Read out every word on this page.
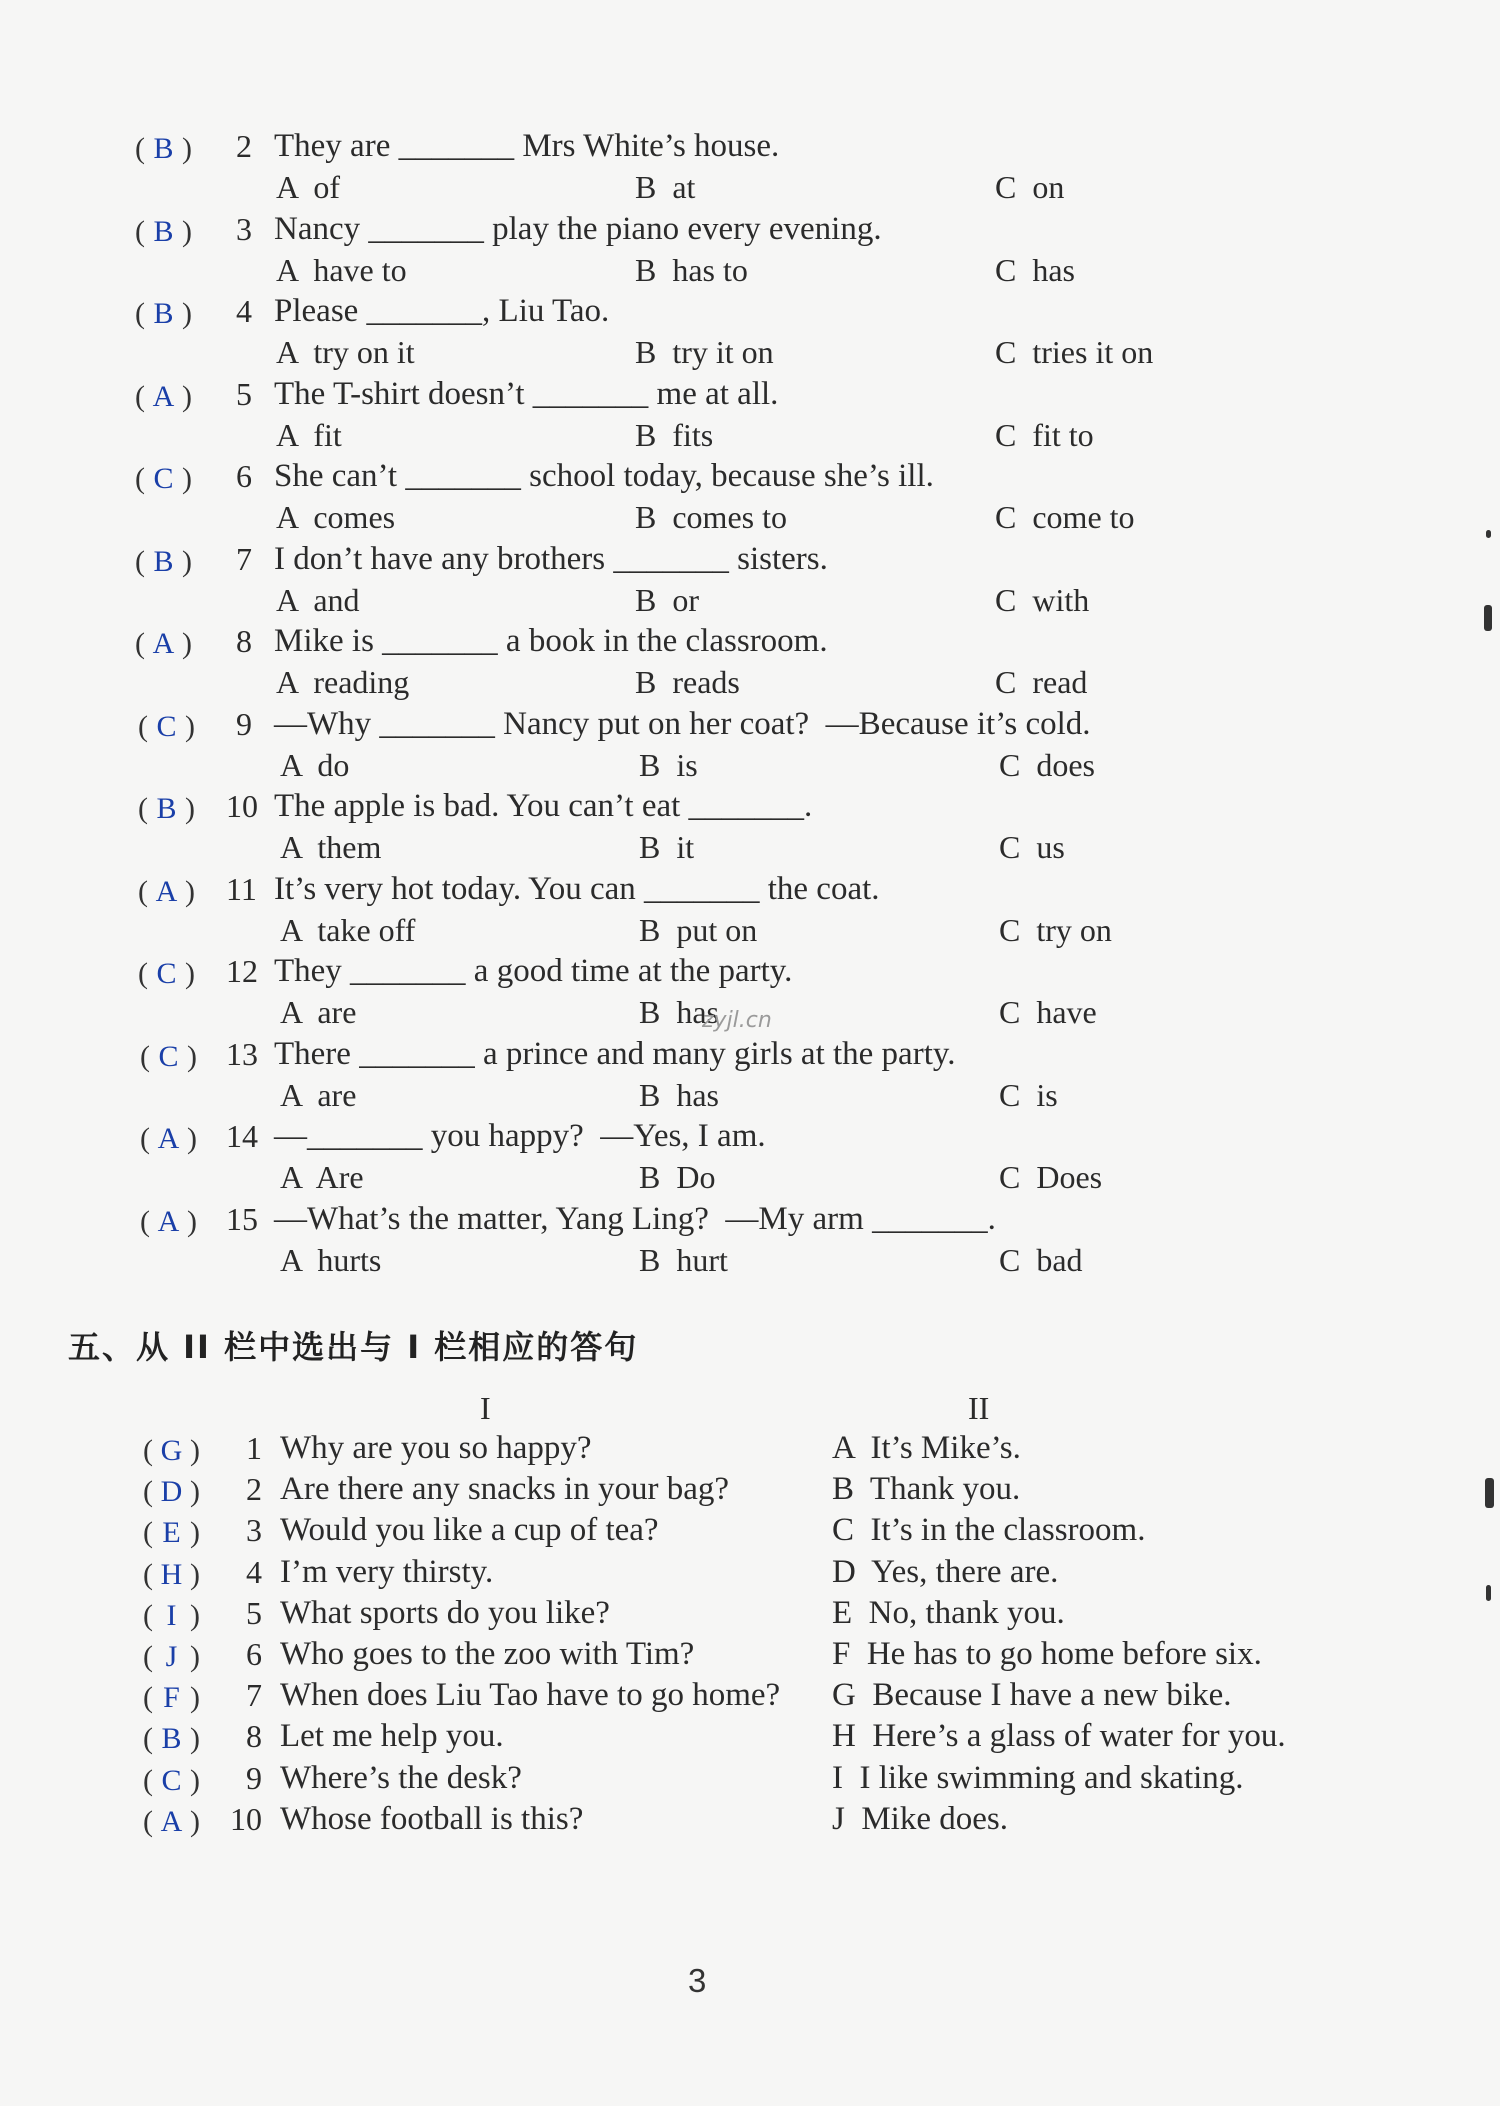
( B ) 2 They are _______ Mrs White’s house.
A  of	B  at	C  on
( B ) 3 Nancy _______ play the piano every evening.
A  have to	B  has to	C  has
( B ) 4 Please _______, Liu Tao.
A  try on it	B  try it on	C  tries it on
( A ) 5 The T-shirt doesn’t _______ me at all.
A  fit	B  fits	C  fit to
( C ) 6 She can’t _______ school today, because she’s ill.
A  comes	B  comes to	C  come to
( B ) 7 I don’t have any brothers _______ sisters.
A  and	B  or	C  with
( A ) 8 Mike is _______ a book in the classroom.
A  reading	B  reads	C  read
( C ) 9 —Why _______ Nancy put on her coat?  —Because it’s cold.
A  do	B  is	C  does
( B ) 10 The apple is bad. You can’t eat _______.
A  them	B  it	C  us
( A ) 11 It’s very hot today. You can _______ the coat.
A  take off	B  put on	C  try on
( C ) 12 They _______ a good time at the party.
A  are	B  has	C  have
( C ) 13 There _______ a prince and many girls at the party.
A  are	B  has	C  is
( A ) 14 —_______ you happy?  —Yes, I am.
A  Are	B  Do	C  Does
( A ) 15 —What’s the matter, Yang Ling?  —My arm _______.
A  hurts	B  hurt	C  bad
五、从 II 栏中选出与 I 栏相应的答句
I	II
( G ) 1 Why are you so happy?	A  It’s Mike’s.
( D ) 2 Are there any snacks in your bag?	B  Thank you.
( E ) 3 Would you like a cup of tea?	C  It’s in the classroom.
( H ) 4 I’m very thirsty.	D  Yes, there are.
( I ) 5 What sports do you like?	E  No, thank you.
( J ) 6 Who goes to the zoo with Tim?	F  He has to go home before six.
( F ) 7 When does Liu Tao have to go home? G  Because I have a new bike.
( B ) 8 Let me help you.	H  Here’s a glass of water for you.
( C ) 9 Where’s the desk?	I  I like swimming and skating.
( A ) 10 Whose football is this?	J  Mike does.
zyjl.cn
3
